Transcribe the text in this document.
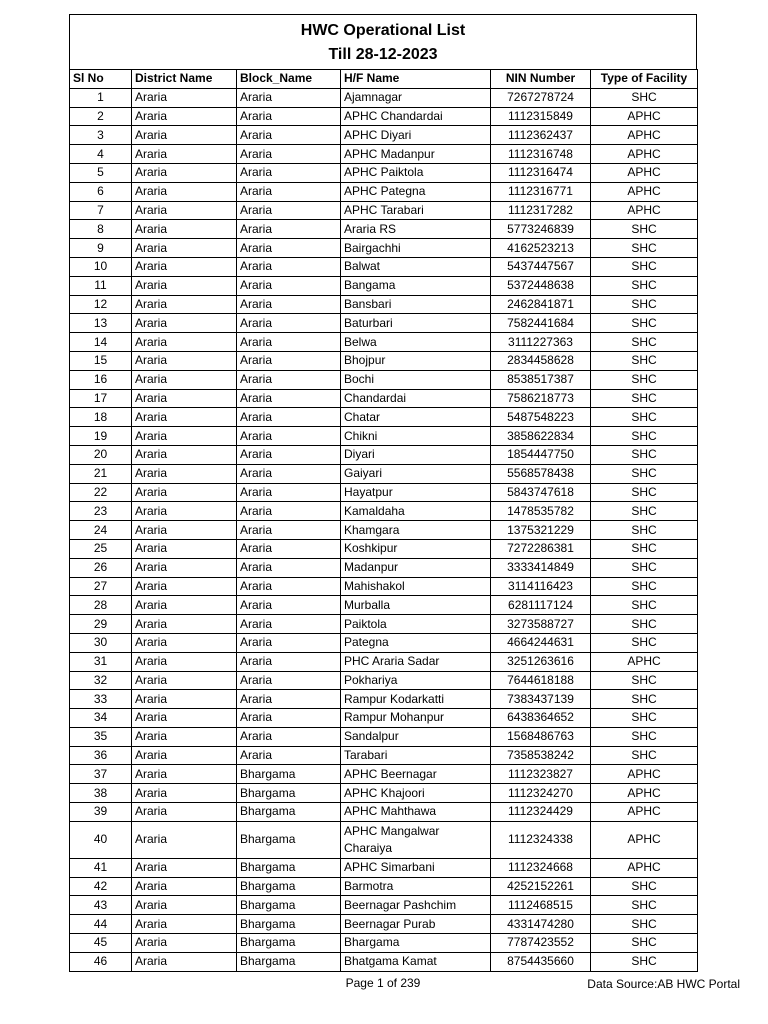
HWC Operational List
Till 28-12-2023
Sl No	District Name	Block_Name	H/F Name	NIN Number	Type of Facility
1	Araria	Araria	Ajamnagar	7267278724	SHC
2	Araria	Araria	APHC Chandardai	1112315849	APHC
3	Araria	Araria	APHC Diyari	1112362437	APHC
4	Araria	Araria	APHC Madanpur	1112316748	APHC
5	Araria	Araria	APHC Paiktola	1112316474	APHC
6	Araria	Araria	APHC Pategna	1112316771	APHC
7	Araria	Araria	APHC Tarabari	1112317282	APHC
8	Araria	Araria	Araria RS	5773246839	SHC
9	Araria	Araria	Bairgachhi	4162523213	SHC
10	Araria	Araria	Balwat	5437447567	SHC
11	Araria	Araria	Bangama	5372448638	SHC
12	Araria	Araria	Bansbari	2462841871	SHC
13	Araria	Araria	Baturbari	7582441684	SHC
14	Araria	Araria	Belwa	3111227363	SHC
15	Araria	Araria	Bhojpur	2834458628	SHC
16	Araria	Araria	Bochi	8538517387	SHC
17	Araria	Araria	Chandardai	7586218773	SHC
18	Araria	Araria	Chatar	5487548223	SHC
19	Araria	Araria	Chikni	3858622834	SHC
20	Araria	Araria	Diyari	1854447750	SHC
21	Araria	Araria	Gaiyari	5568578438	SHC
22	Araria	Araria	Hayatpur	5843747618	SHC
23	Araria	Araria	Kamaldaha	1478535782	SHC
24	Araria	Araria	Khamgara	1375321229	SHC
25	Araria	Araria	Koshkipur	7272286381	SHC
26	Araria	Araria	Madanpur	3333414849	SHC
27	Araria	Araria	Mahishakol	3114116423	SHC
28	Araria	Araria	Murballa	6281117124	SHC
29	Araria	Araria	Paiktola	3273588727	SHC
30	Araria	Araria	Pategna	4664244631	SHC
31	Araria	Araria	PHC Araria Sadar	3251263616	APHC
32	Araria	Araria	Pokhariya	7644618188	SHC
33	Araria	Araria	Rampur Kodarkatti	7383437139	SHC
34	Araria	Araria	Rampur Mohanpur	6438364652	SHC
35	Araria	Araria	Sandalpur	1568486763	SHC
36	Araria	Araria	Tarabari	7358538242	SHC
37	Araria	Bhargama	APHC Beernagar	1112323827	APHC
38	Araria	Bhargama	APHC Khajoori	1112324270	APHC
39	Araria	Bhargama	APHC Mahthawa	1112324429	APHC
40	Araria	Bhargama	APHC Mangalwar Charaiya	1112324338	APHC
41	Araria	Bhargama	APHC Simarbani	1112324668	APHC
42	Araria	Bhargama	Barmotra	4252152261	SHC
43	Araria	Bhargama	Beernagar Pashchim	1112468515	SHC
44	Araria	Bhargama	Beernagar Purab	4331474280	SHC
45	Araria	Bhargama	Bhargama	7787423552	SHC
46	Araria	Bhargama	Bhatgama Kamat	8754435660	SHC
Page 1 of 239	Data Source:AB HWC Portal
